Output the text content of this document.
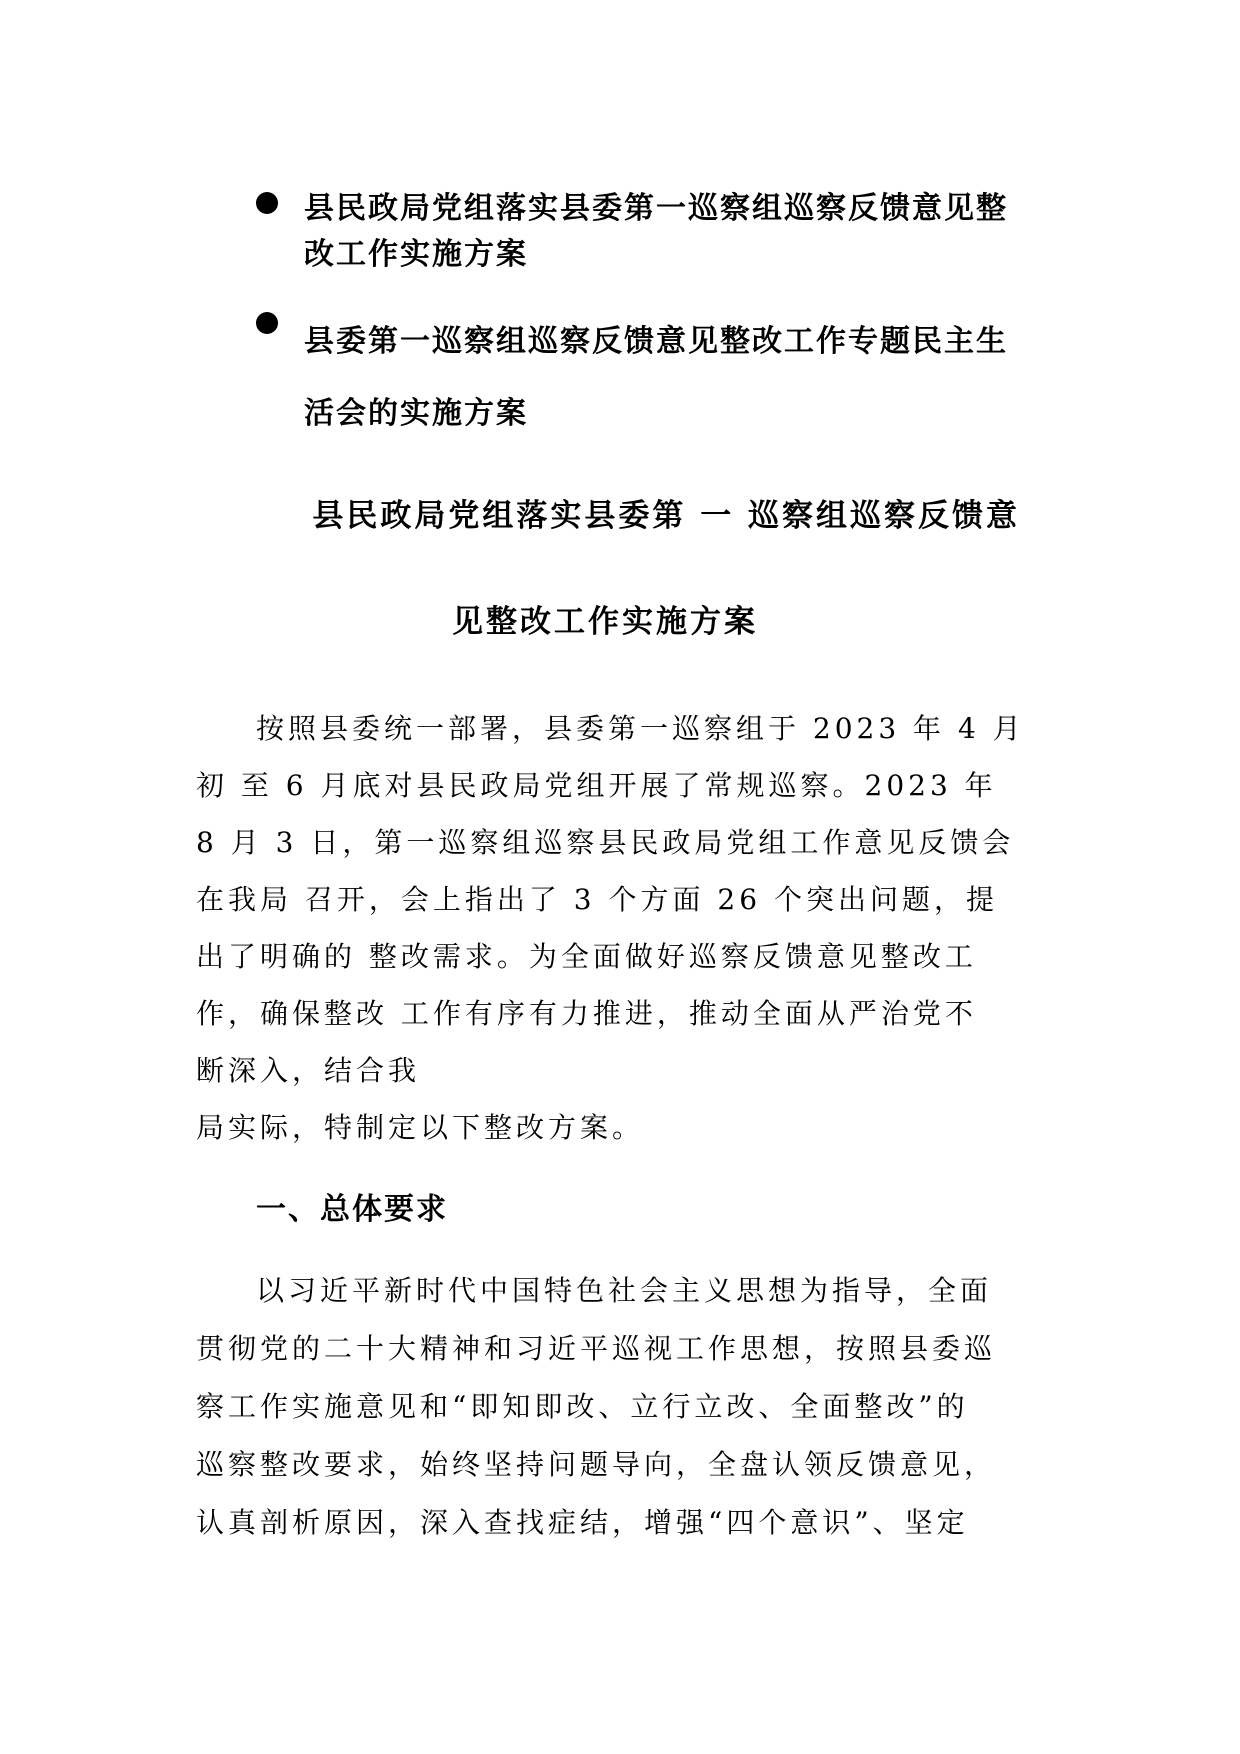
县民政局党组落实县委第一巡察组巡察反馈意见整
改工作实施方案
县委第一巡察组巡察反馈意见整改工作专题民主生
活会的实施方案
县民政局党组落实县委第 一 巡察组巡察反馈意
见整改工作实施方案
按照县委统一部署，县委第一巡察组于 2023 年 4 月
初 至 6 月底对县民政局党组开展了常规巡察。2023 年
8 月 3 日，第一巡察组巡察县民政局党组工作意见反馈会
在我局 召开，会上指出了 3 个方面 26 个突出问题，提
出了明确的 整改需求。为全面做好巡察反馈意见整改工
作，确保整改 工作有序有力推进，推动全面从严治党不
断深入，结合我
局实际，特制定以下整改方案。
一、总体要求
以习近平新时代中国特色社会主义思想为指导，全面
贯彻党的二十大精神和习近平巡视工作思想，按照县委巡
察工作实施意见和“即知即改、立行立改、全面整改”的
巡察整改要求，始终坚持问题导向，全盘认领反馈意见，
认真剖析原因，深入查找症结，增强“四个意识”、坚定
